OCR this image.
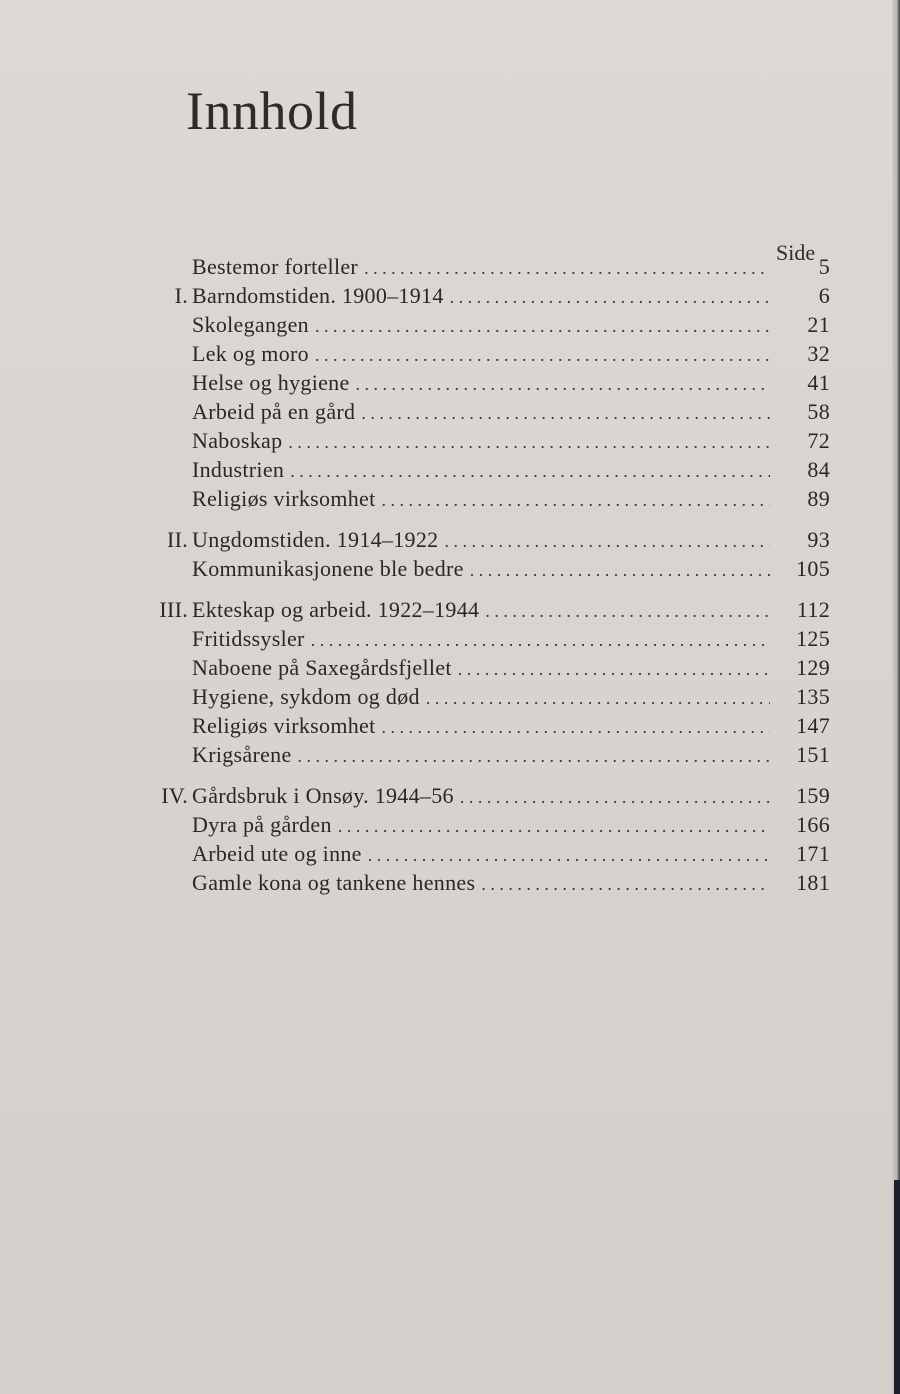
Innhold
Side
Bestemor forteller . . .	5
I. Barndomstiden. 1900–1914 . . .	6
Skolegangen . . .	21
Lek og moro . . .	32
Helse og hygiene . . .	41
Arbeid på en gård . . .	58
Naboskap . . .	72
Industrien . . .	84
Religiøs virksomhet . . .	89
II. Ungdomstiden. 1914–1922 . . .	93
Kommunikasjonene ble bedre . . .	105
III. Ekteskap og arbeid. 1922–1944 . . .	112
Fritidssysler . . .	125
Naboene på Saxegårdsfjellet . . .	129
Hygiene, sykdom og død . . .	135
Religiøs virksomhet . . .	147
Krigsårene . . .	151
IV. Gårdsbruk i Onsøy. 1944–56 . . .	159
Dyra på gården . . .	166
Arbeid ute og inne . . .	171
Gamle kona og tankene hennes . . .	181
